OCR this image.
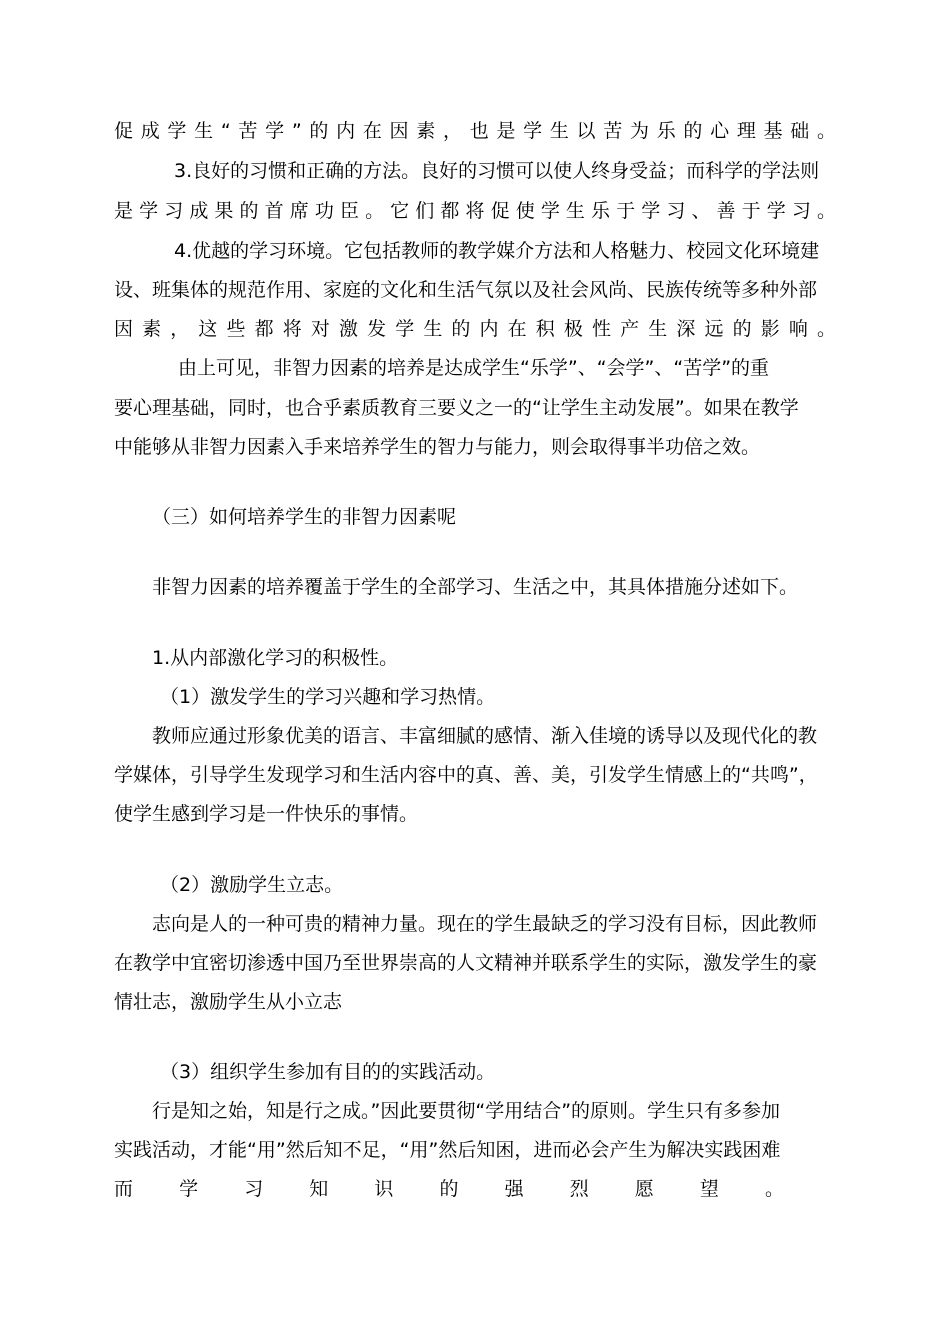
促成学生“苦学”的内在因素，也是学生以苦为乐的心理基础。
3.良好的习惯和正确的方法。良好的习惯可以使人终身受益；而科学的学法则
是学习成果的首席功臣。它们都将促使学生乐于学习、善于学习。
4.优越的学习环境。它包括教师的教学媒介方法和人格魅力、校园文化环境建
设、班集体的规范作用、家庭的文化和生活气氛以及社会风尚、民族传统等多种外部
因素，这些都将对激发学生的内在积极性产生深远的影响。
由上可见，非智力因素的培养是达成学生“乐学”、“会学”、“苦学”的重
要心理基础，同时，也合乎素质教育三要义之一的“让学生主动发展”。如果在教学
中能够从非智力因素入手来培养学生的智力与能力，则会取得事半功倍之效。
（三）如何培养学生的非智力因素呢
非智力因素的培养覆盖于学生的全部学习、生活之中，其具体措施分述如下。
1.从内部激化学习的积极性。
（1）激发学生的学习兴趣和学习热情。
教师应通过形象优美的语言、丰富细腻的感情、渐入佳境的诱导以及现代化的教
学媒体，引导学生发现学习和生活内容中的真、善、美，引发学生情感上的“共鸣”，
使学生感到学习是一件快乐的事情。
（2）激励学生立志。
志向是人的一种可贵的精神力量。现在的学生最缺乏的学习没有目标，因此教师
在教学中宜密切渗透中国乃至世界崇高的人文精神并联系学生的实际，激发学生的豪
情壮志，激励学生从小立志
（3）组织学生参加有目的的实践活动。
行是知之始，知是行之成。”因此要贯彻“学用结合”的原则。学生只有多参加
实践活动，才能“用”然后知不足，“用”然后知困，进而必会产生为解决实践困难
而学习知识的强烈愿望。
